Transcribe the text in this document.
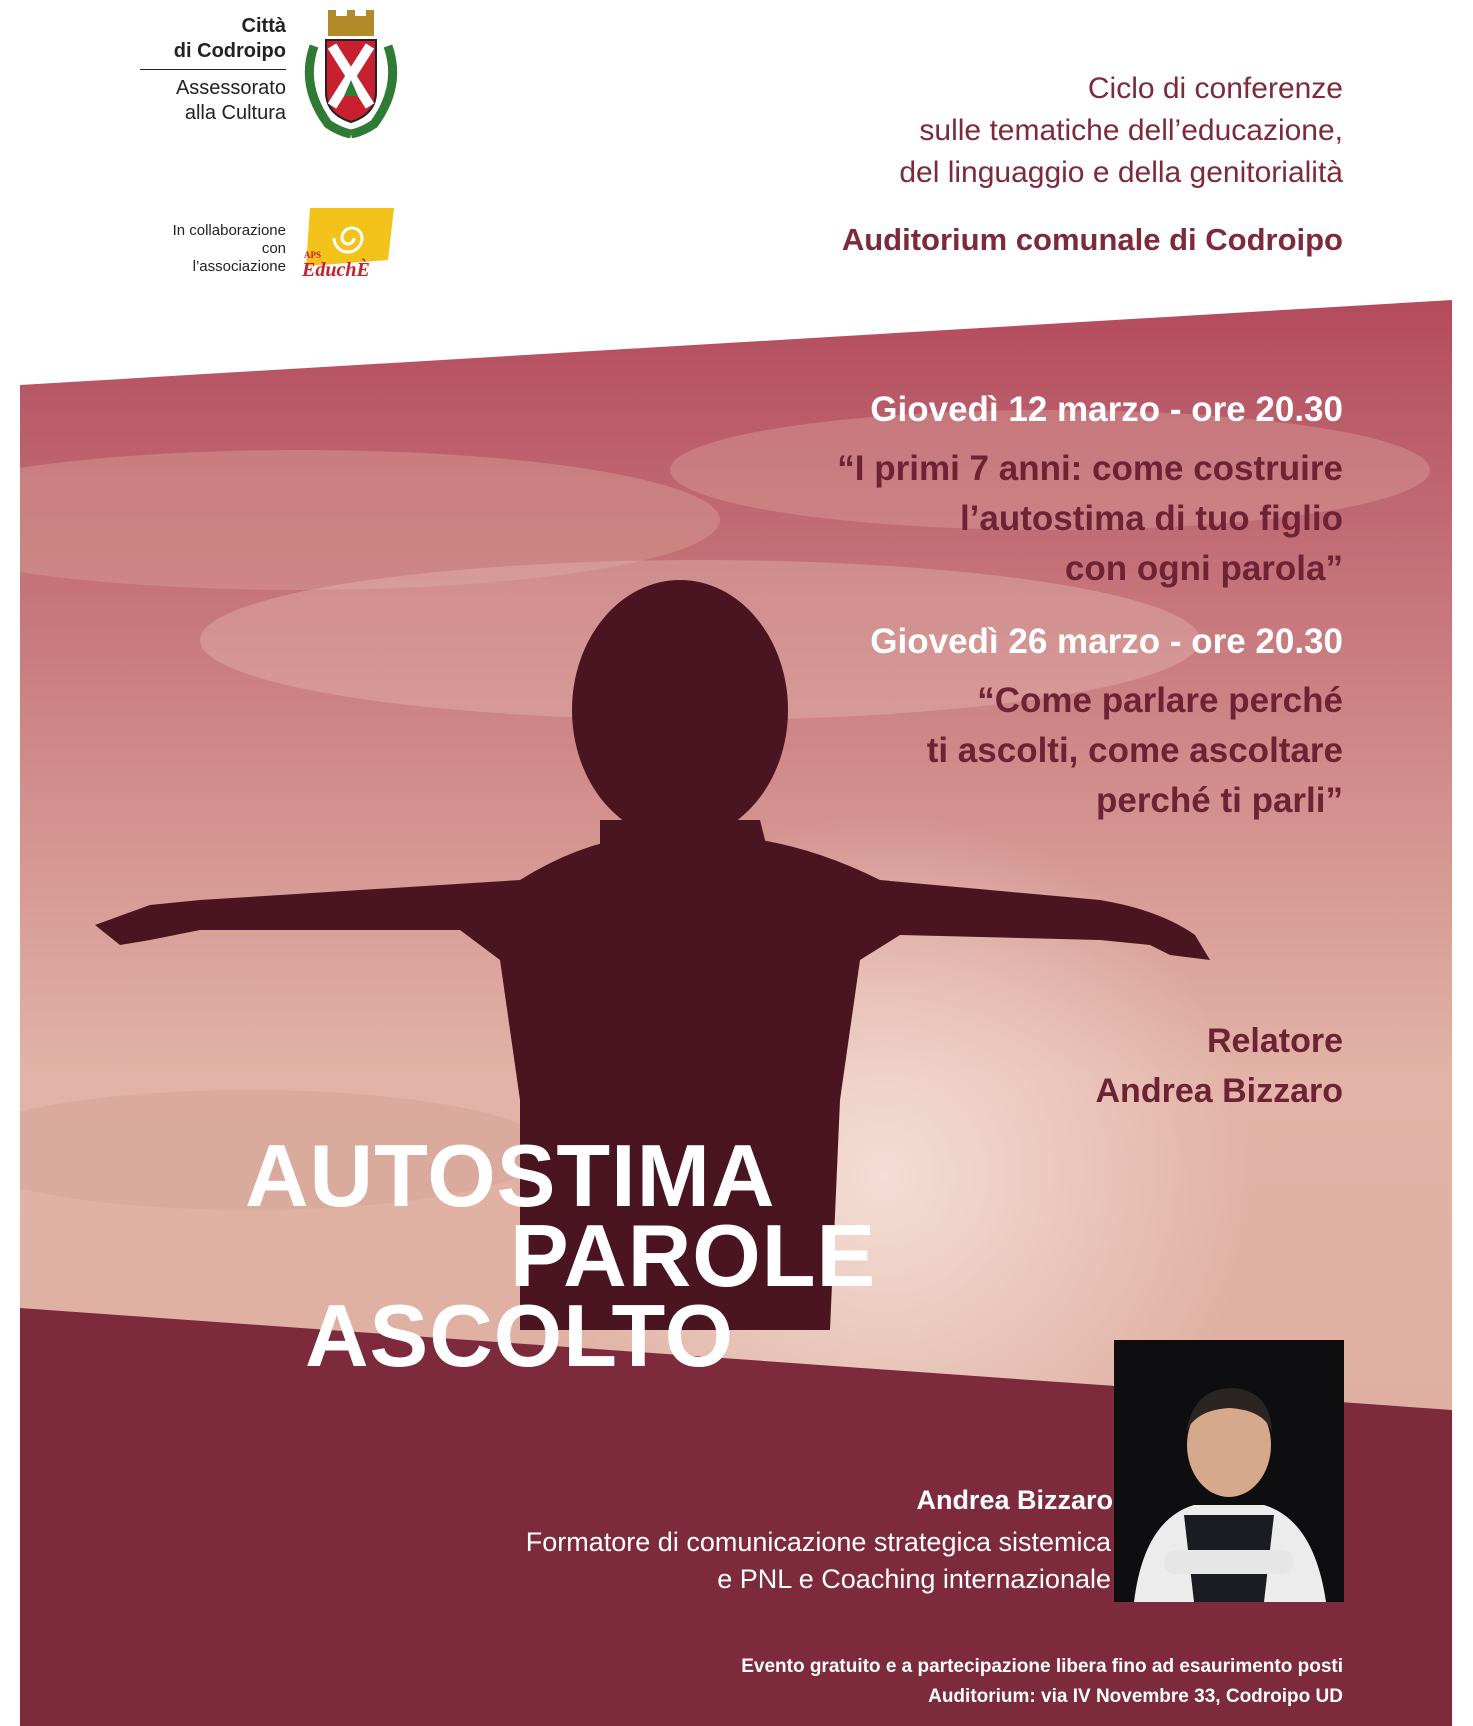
Città
di Codroipo
Assessorato
alla Cultura
In collaborazione
con
l’associazione
APS
EduchÈ
Ciclo di conferenze
sulle tematiche dell’educazione,
del linguaggio e della genitorialità
Auditorium comunale di Codroipo
Giovedì 12 marzo - ore 20.30
“I primi 7 anni: come costruire
l’autostima di tuo figlio
con ogni parola”
Giovedì 26 marzo - ore 20.30
“Come parlare perché
ti ascolti, come ascoltare
perché ti parli”
Relatore
Andrea Bizzaro
AUTOSTIMA
PAROLE
ASCOLTO
Andrea Bizzaro
Formatore di comunicazione strategica sistemica
e PNL e Coaching internazionale
Evento gratuito e a partecipazione libera fino ad esaurimento posti
Auditorium: via IV Novembre 33, Codroipo UD
